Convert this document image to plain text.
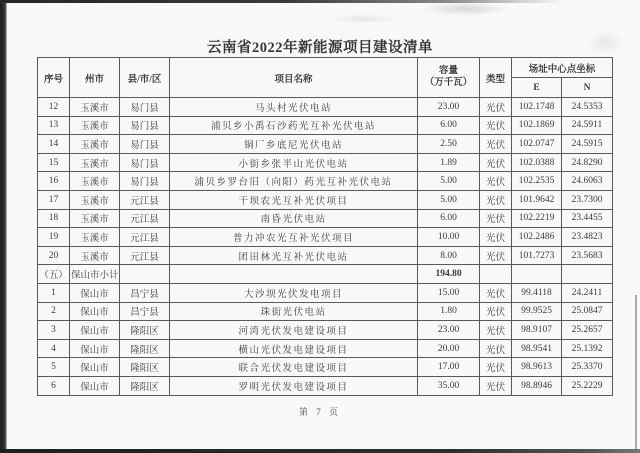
云南省2022年新能源项目建设清单
序号	州市	县/市/区	项目名称	容量
（万千瓦）	类型	场址中心点坐标	
						E	N
12	玉溪市	易门县	马头村光伏电站	23.00	光伏	102.1748	24.5353
13	玉溪市	易门县	浦贝乡小禹石沙药光互补光伏电站	6.00	光伏	102.1869	24.5911
14	玉溪市	易门县	铜厂乡底尼光伏电站	2.50	光伏	102.0747	24.5915
15	玉溪市	易门县	小街乡张半山光伏电站	1.89	光伏	102.0388	24.8290
16	玉溪市	易门县	浦贝乡罗台旧（向阳）药光互补光伏电站	5.00	光伏	102.2535	24.6063
17	玉溪市	元江县	干坝农光互补光伏项目	5.00	光伏	101.9642	23.7300
18	玉溪市	元江县	南昏光伏电站	6.00	光伏	102.2219	23.4455
19	玉溪市	元江县	普力冲农光互补光伏项目	10.00	光伏	102.2486	23.4823
20	玉溪市	元江县	团田林光互补光伏电站	8.00	光伏	101.7273	23.5683
（五）	保山市小计			194.80			
1	保山市	昌宁县	大沙坝光伏发电项目	15.00	光伏	99.4118	24.2411
2	保山市	昌宁县	珠街光伏电站	1.80	光伏	99.9525	25.0847
3	保山市	隆阳区	河湾光伏发电建设项目	23.00	光伏	98.9107	25.2657
4	保山市	隆阳区	横山光伏发电建设项目	20.00	光伏	98.9541	25.1392
5	保山市	隆阳区	联合光伏发电建设项目	17.00	光伏	98.9613	25.3370
6	保山市	隆阳区	罗明光伏发电建设项目	35.00	光伏	98.8946	25.2229
第 7 页
